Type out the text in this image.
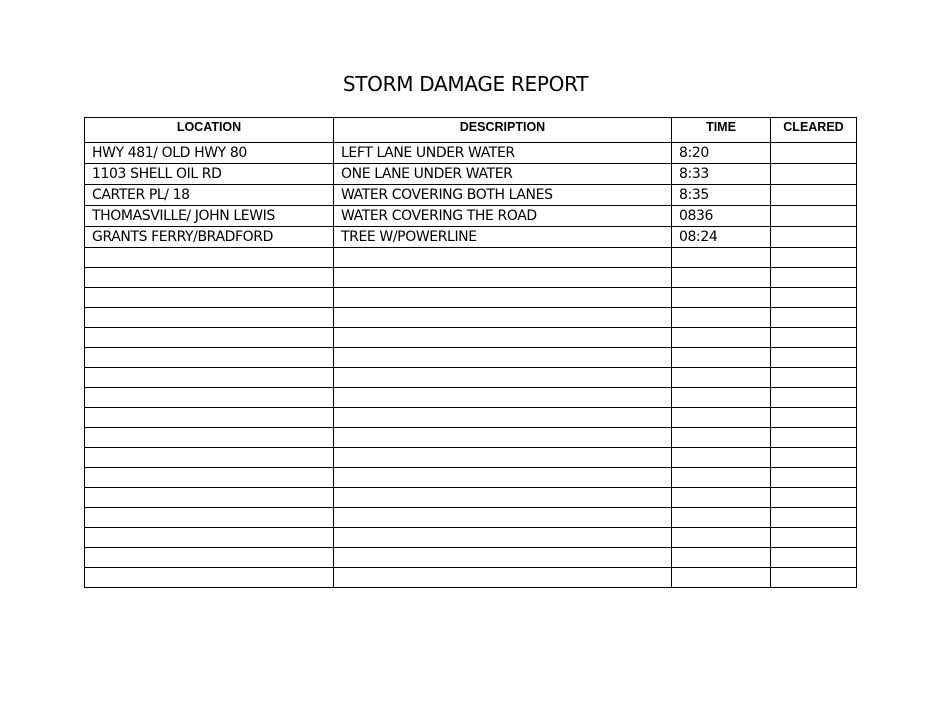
STORM DAMAGE REPORT
LOCATION	DESCRIPTION	TIME	CLEARED
HWY 481/ OLD HWY 80	LEFT LANE UNDER WATER	8:20	
1103 SHELL OIL RD	ONE LANE UNDER WATER	8:33	
CARTER PL/ 18	WATER COVERING BOTH LANES	8:35	
THOMASVILLE/ JOHN LEWIS	WATER COVERING THE ROAD	0836	
GRANTS FERRY/BRADFORD	TREE W/POWERLINE	08:24	
